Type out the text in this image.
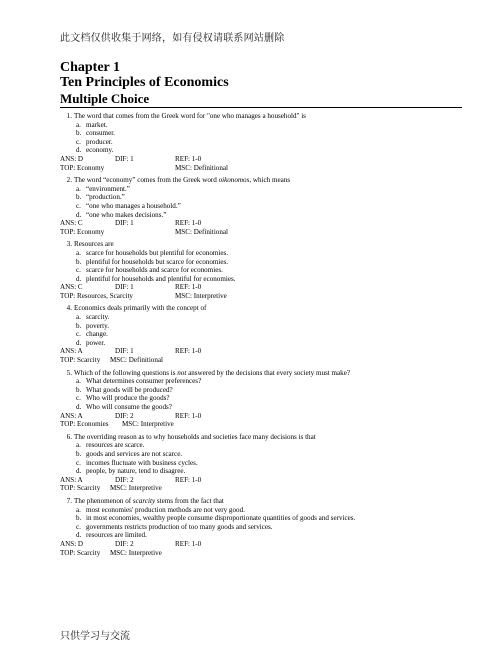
此文档仅供收集于网络，如有侵权请联系网站删除
Chapter 1
Ten Principles of Economics
Multiple Choice
1. The word that comes from the Greek word for "one who manages a household" is
a. market.
b. consumer.
c. producer.
d. economy.
ANS: D	DIF: 1	REF: 1-0
TOP: Economy	MSC: Definitional
2. The word “economy” comes from the Greek word oikonomos, which means
a. “environment.”
b. “production.”
c. “one who manages a household.”
d. “one who makes decisions.”
ANS: C	DIF: 1	REF: 1-0
TOP: Economy	MSC: Definitional
3. Resources are
a. scarce for households but plentiful for economies.
b. plentiful for households but scarce for economies.
c. scarce for households and scarce for economies.
d. plentiful for households and plentiful for economies.
ANS: C	DIF: 1	REF: 1-0
TOP: Resources, Scarcity	MSC: Interpretive
4. Economics deals primarily with the concept of
a. scarcity.
b. poverty.
c. change.
d. power.
ANS: A	DIF: 1	REF: 1-0
TOP: Scarcity	MSC: Definitional
5. Which of the following questions is not answered by the decisions that every society must make?
a. What determines consumer preferences?
b. What goods will be produced?
c. Who will produce the goods?
d. Who will consume the goods?
ANS: A	DIF: 2	REF: 1-0
TOP: Economies	MSC: Interpretive
6. The overriding reason as to why households and societies face many decisions is that
a. resources are scarce.
b. goods and services are not scarce.
c. incomes fluctuate with business cycles.
d. people, by nature, tend to disagree.
ANS: A	DIF: 2	REF: 1-0
TOP: Scarcity	MSC: Interpretive
7. The phenomenon of scarcity stems from the fact that
a. most economies' production methods are not very good.
b. in most economies, wealthy people consume disproportionate quantities of goods and services.
c. governments restricts production of too many goods and services.
d. resources are limited.
ANS: D	DIF: 2	REF: 1-0
TOP: Scarcity	MSC: Interpretive
只供学习与交流
